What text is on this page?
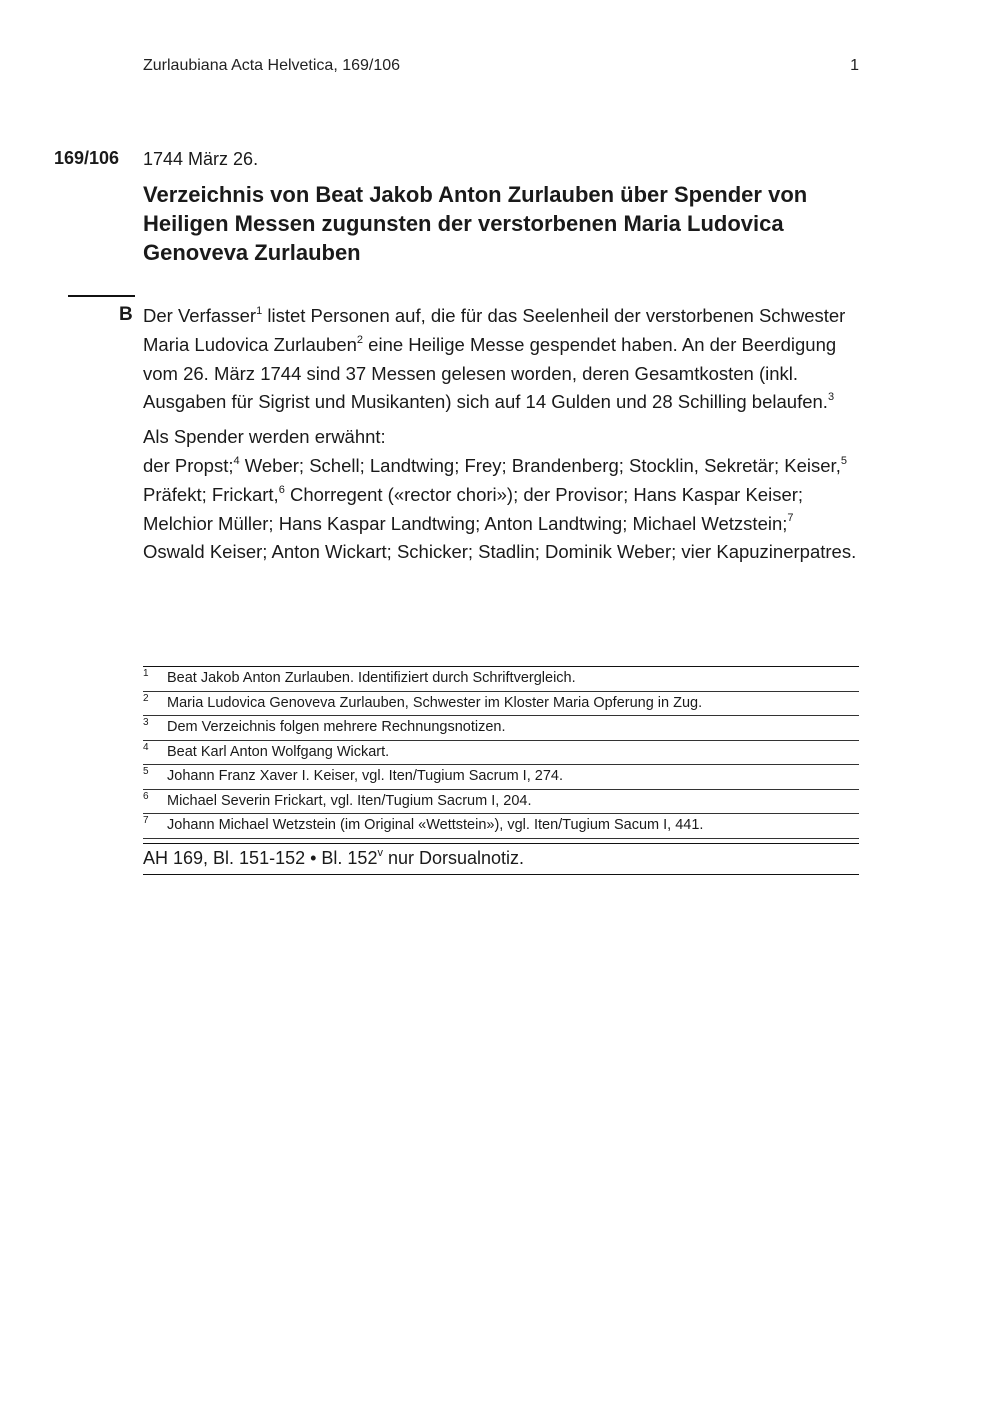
Zurlaubiana Acta Helvetica, 169/106	1
169/106 1744 März 26.
Verzeichnis von Beat Jakob Anton Zurlauben über Spender von Heiligen Messen zugunsten der verstorbenen Maria Ludovica Genoveva Zurlauben
B Der Verfasser$^1$ listet Personen auf, die für das Seelenheil der verstorbenen Schwester Maria Ludovica Zurlauben$^2$ eine Heilige Messe gespendet haben. An der Beerdigung vom 26. März 1744 sind 37 Messen gelesen worden, deren Gesamtkosten (inkl. Ausgaben für Sigrist und Musikanten) sich auf 14 Gulden und 28 Schilling belaufen.$^3$

Als Spender werden erwähnt:
der Propst;$^4$ Weber; Schell; Landtwing; Frey; Brandenberg; Stocklin, Sekretär; Keiser,$^5$ Präfekt; Frickart,$^6$ Chorregent («rector chori»); der Provisor; Hans Kaspar Keiser; Melchior Müller; Hans Kaspar Landtwing; Anton Landtwing; Michael Wetzstein;$^7$ Oswald Keiser; Anton Wickart; Schicker; Stadlin; Dominik Weber; vier Kapuzinerpatres.

1 Beat Jakob Anton Zurlauben. Identifiziert durch Schriftvergleich.
2 Maria Ludovica Genoveva Zurlauben, Schwester im Kloster Maria Opferung in Zug.
3 Dem Verzeichnis folgen mehrere Rechnungsnotizen.
4 Beat Karl Anton Wolfgang Wickart.
5 Johann Franz Xaver I. Keiser, vgl. Iten/Tugium Sacrum I, 274.
6 Michael Severin Frickart, vgl. Iten/Tugium Sacrum I, 204.
7 Johann Michael Wetzstein (im Original «Wettstein»), vgl. Iten/Tugium Sacum I, 441.
AH 169, Bl. 151-152 • Bl. 152$^v$ nur Dorsualnotiz.
